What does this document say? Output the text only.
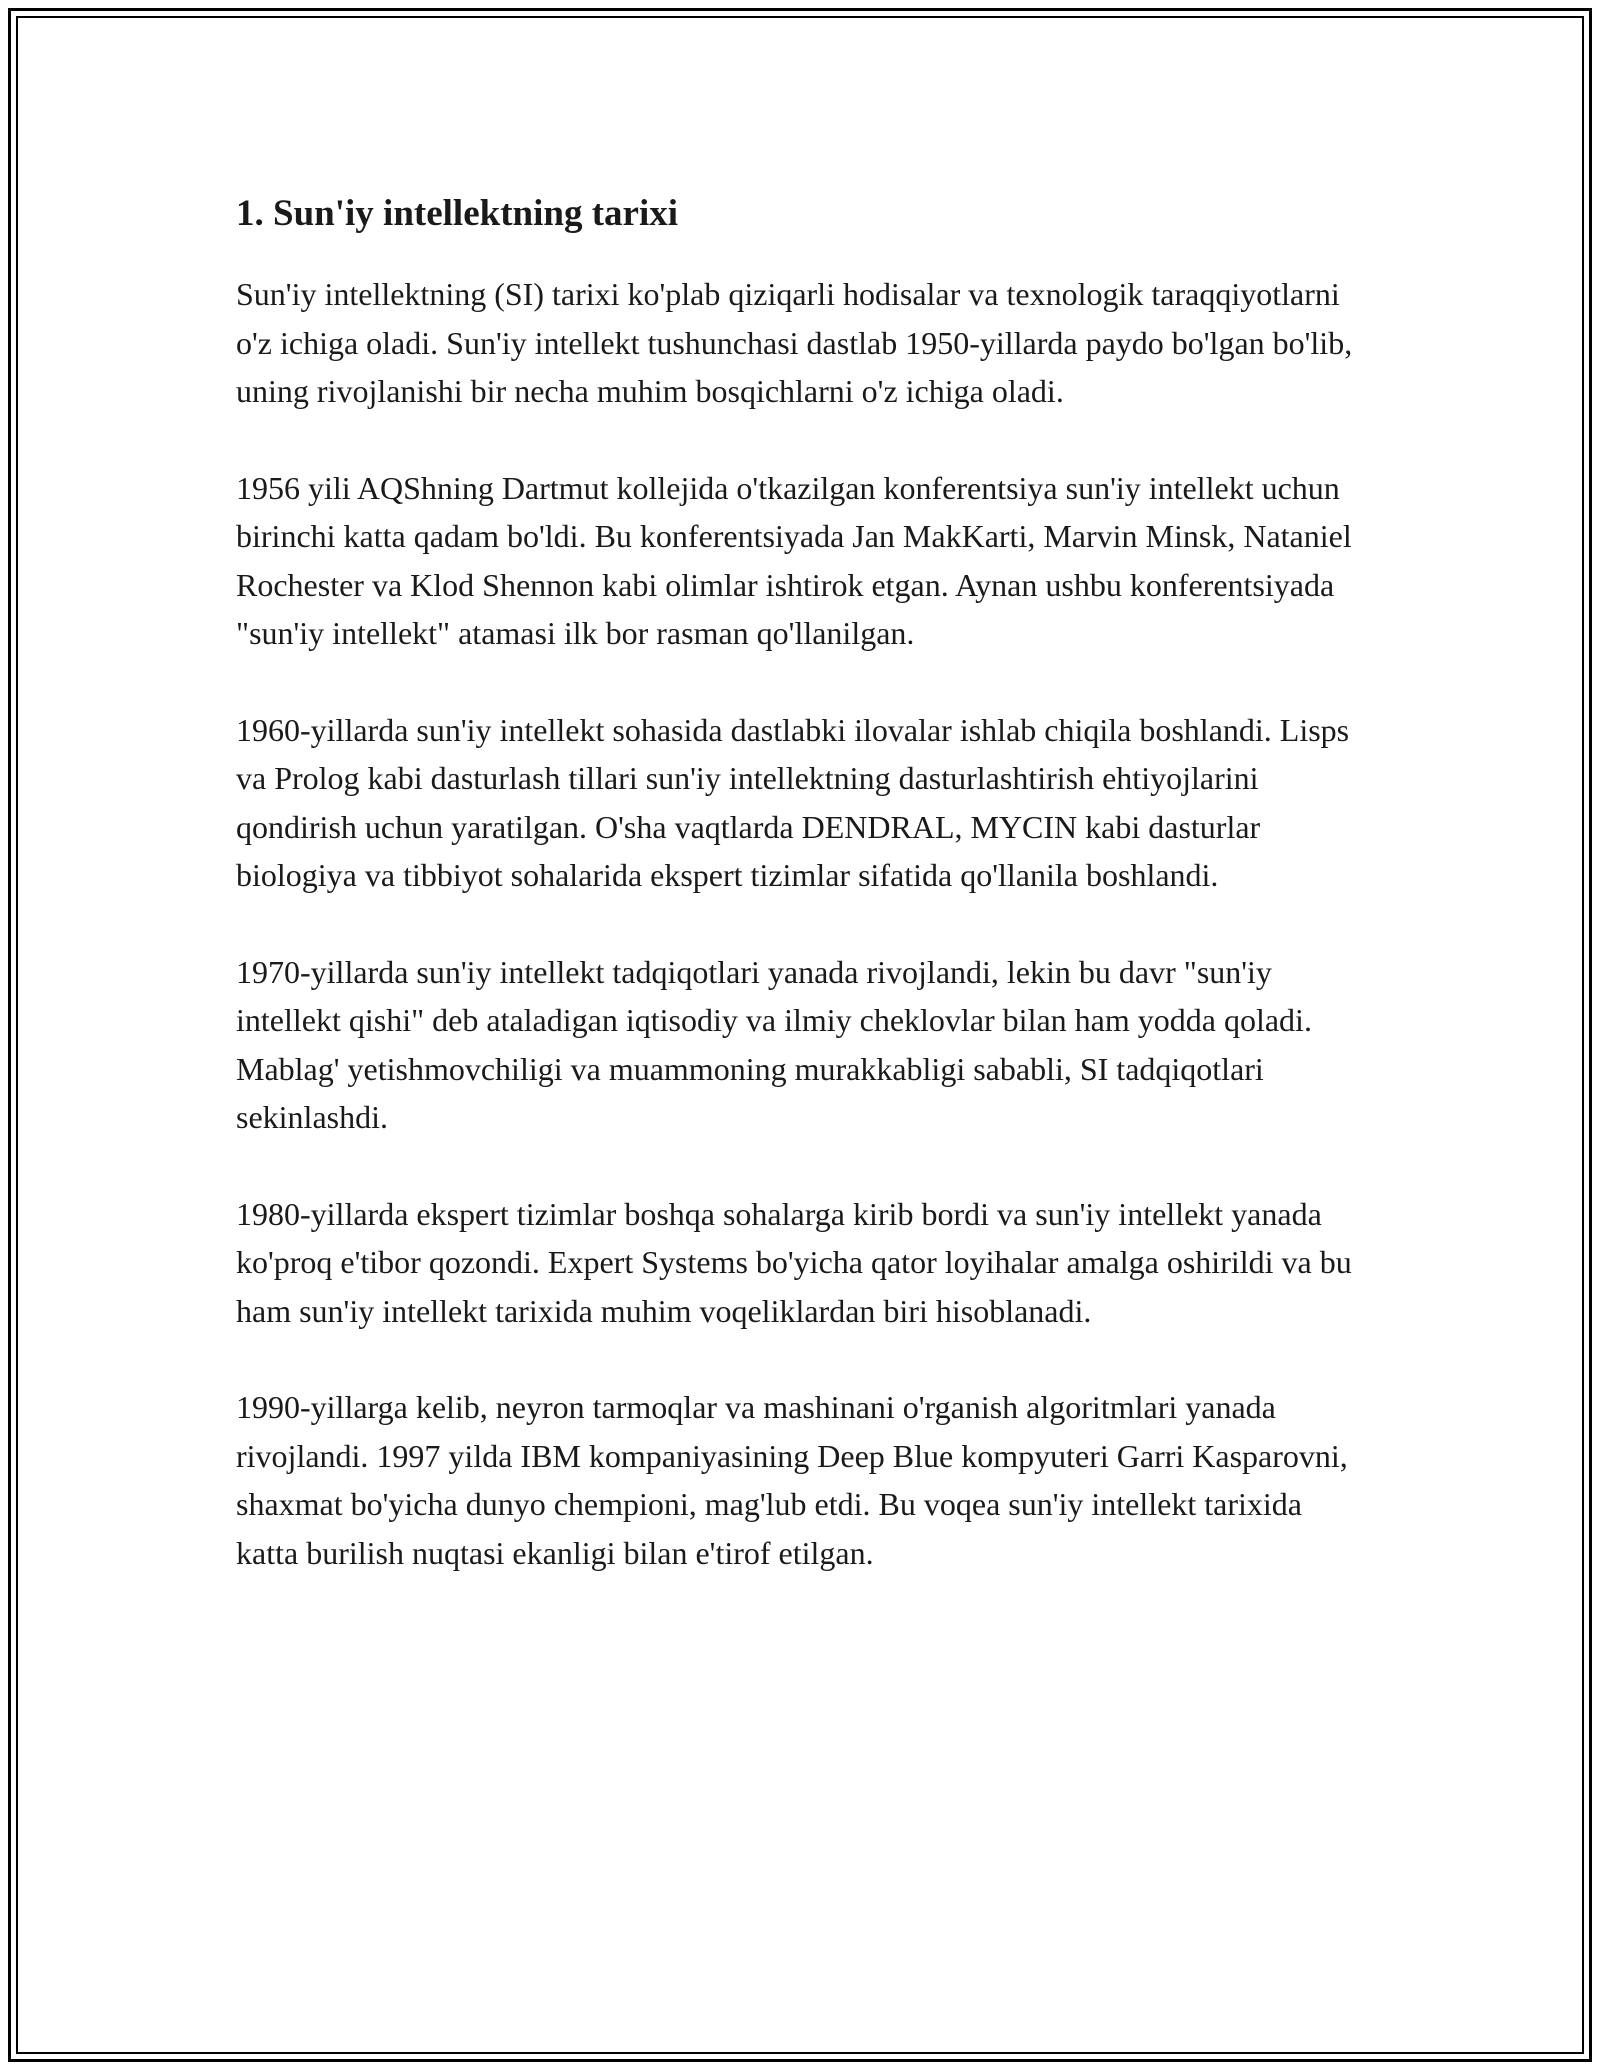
1. Sun'iy intellektning tarixi

Sun'iy intellektning (SI) tarixi ko'plab qiziqarli hodisalar va texnologik taraqqiyotlarni o'z ichiga oladi. Sun'iy intellekt tushunchasi dastlab 1950-yillarda paydo bo'lgan bo'lib, uning rivojlanishi bir necha muhim bosqichlarni o'z ichiga oladi.

1956 yili AQShning Dartmut kollejida o'tkazilgan konferentsiya sun'iy intellekt uchun birinchi katta qadam bo'ldi. Bu konferentsiyada Jan MakKarti, Marvin Minsk, Nataniel Rochester va Klod Shennon kabi olimlar ishtirok etgan. Aynan ushbu konferentsiyada "sun'iy intellekt" atamasi ilk bor rasman qo'llanilgan.

1960-yillarda sun'iy intellekt sohasida dastlabki ilovalar ishlab chiqila boshlandi. Lisps va Prolog kabi dasturlash tillari sun'iy intellektning dasturlashtirish ehtiyojlarini qondirish uchun yaratilgan. O'sha vaqtlarda DENDRAL, MYCIN kabi dasturlar biologiya va tibbiyot sohalarida ekspert tizimlar sifatida qo'llanila boshlandi.

1970-yillarda sun'iy intellekt tadqiqotlari yanada rivojlandi, lekin bu davr "sun'iy intellekt qishi" deb ataladigan iqtisodiy va ilmiy cheklovlar bilan ham yodda qoladi. Mablag' yetishmovchiligi va muammoning murakkabligi sababli, SI tadqiqotlari sekinlashdi.

1980-yillarda ekspert tizimlar boshqa sohalarga kirib bordi va sun'iy intellekt yanada ko'proq e'tibor qozondi. Expert Systems bo'yicha qator loyihalar amalga oshirildi va bu ham sun'iy intellekt tarixida muhim voqeliklardan biri hisoblanadi.

1990-yillarga kelib, neyron tarmoqlar va mashinani o'rganish algoritmlari yanada rivojlandi. 1997 yilda IBM kompaniyasining Deep Blue kompyuteri Garri Kasparovni, shaxmat bo'yicha dunyo chempioni, mag'lub etdi. Bu voqea sun'iy intellekt tarixida katta burilish nuqtasi ekanligi bilan e'tirof etilgan.
